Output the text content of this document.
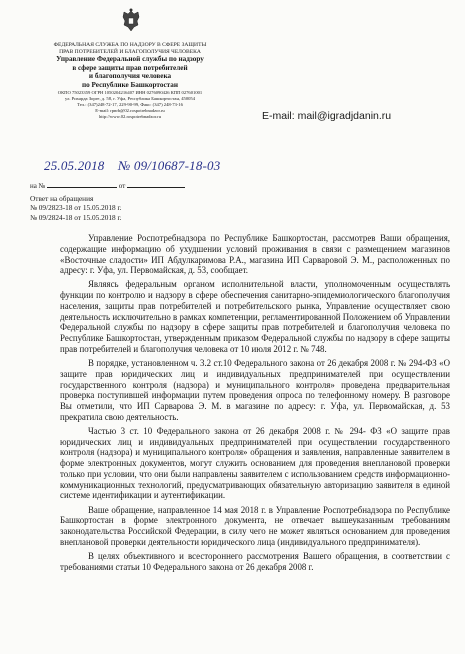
ФЕДЕРАЛЬНАЯ СЛУЖБА ПО НАДЗОРУ В СФЕРЕ ЗАЩИТЫ
ПРАВ ПОТРЕБИТЕЛЕЙ И БЛАГОПОЛУЧИЯ ЧЕЛОВЕКА
Управление Федеральной службы по надзору
в сфере защиты прав потребителей
и благополучия человека
по Республике Башкортостан
ОКПО 75023359 ОГРН 1050204216407 ИНН 0276090426 КПП 027601001
ул. Рихарда Зорге, д. 58, г. Уфа, Республика Башкортостан, 450054
Тел.: (347)248-72-17, 229-90-99, Факс: (347) 248-73-16
E-mail: rpnrb@02.rospotrebnadzor.ru
http://www.02.rospotrebnadzor.ru	E-mail: mail@igradjdanin.ru
25.05.2018 № 09/10687-18-03
на №	от
Ответ на обращения
№ 09/2823-18 от 15.05.2018 г.
№ 09/2824-18 от 15.05.2018 г.

Управление Роспотребнадзора по Республике Башкортостан, рассмотрев Ваши обращения, содержащие информацию об ухудшении условий проживания в связи с размещением магазинов «Восточные сладости» ИП Абдулкаримова Р.А., магазина ИП Сарваровой Э. М., расположенных по адресу: г. Уфа, ул. Первомайская, д. 53, сообщает.

Являясь федеральным органом исполнительной власти, уполномоченным осуществлять функции по контролю и надзору в сфере обеспечения санитарно-эпидемиологического благополучия населения, защиты прав потребителей и потребительского рынка, Управление осуществляет свою деятельность исключительно в рамках компетенции, регламентированной Положением об Управлении Федеральной службы по надзору в сфере защиты прав потребителей и благополучия человека по Республике Башкортостан, утвержденным приказом Федеральной службы по надзору в сфере защиты прав потребителей и благополучия человека от 10 июля 2012 г. № 748.

В порядке, установленном ч. 3.2 ст.10 Федерального закона от 26 декабря 2008 г. № 294-ФЗ «О защите прав юридических лиц и индивидуальных предпринимателей при осуществлении государственного контроля (надзора) и муниципального контроля» проведена предварительная проверка поступившей информации путем проведения опроса по телефонному номеру. В разговоре Вы отметили, что ИП Сарварова Э. М. в магазине по адресу: г. Уфа, ул. Первомайская, д. 53 прекратила свою деятельность.

Частью 3 ст. 10 Федерального закона от 26 декабря 2008 г. № 294- ФЗ «О защите прав юридических лиц и индивидуальных предпринимателей при осуществлении государственного контроля (надзора) и муниципального контроля» обращения и заявления, направленные заявителем в форме электронных документов, могут служить основанием для проведения внеплановой проверки только при условии, что они были направлены заявителем с использованием средств информационно-коммуникационных технологий, предусматривающих обязательную авторизацию заявителя в единой системе идентификации и аутентификации.

Ваше обращение, направленное 14 мая 2018 г. в Управление Роспотребнадзора по Республике Башкортостан в форме электронного документа, не отвечает вышеуказанным требованиям законодательства Российской Федерации, в силу чего не может являться основанием для проведения внеплановой проверки деятельности юридического лица (индивидуального предпринимателя).

В целях объективного и всестороннего рассмотрения Вашего обращения, в соответствии с требованиями статьи 10 Федерального закона от 26 декабря 2008 г.
